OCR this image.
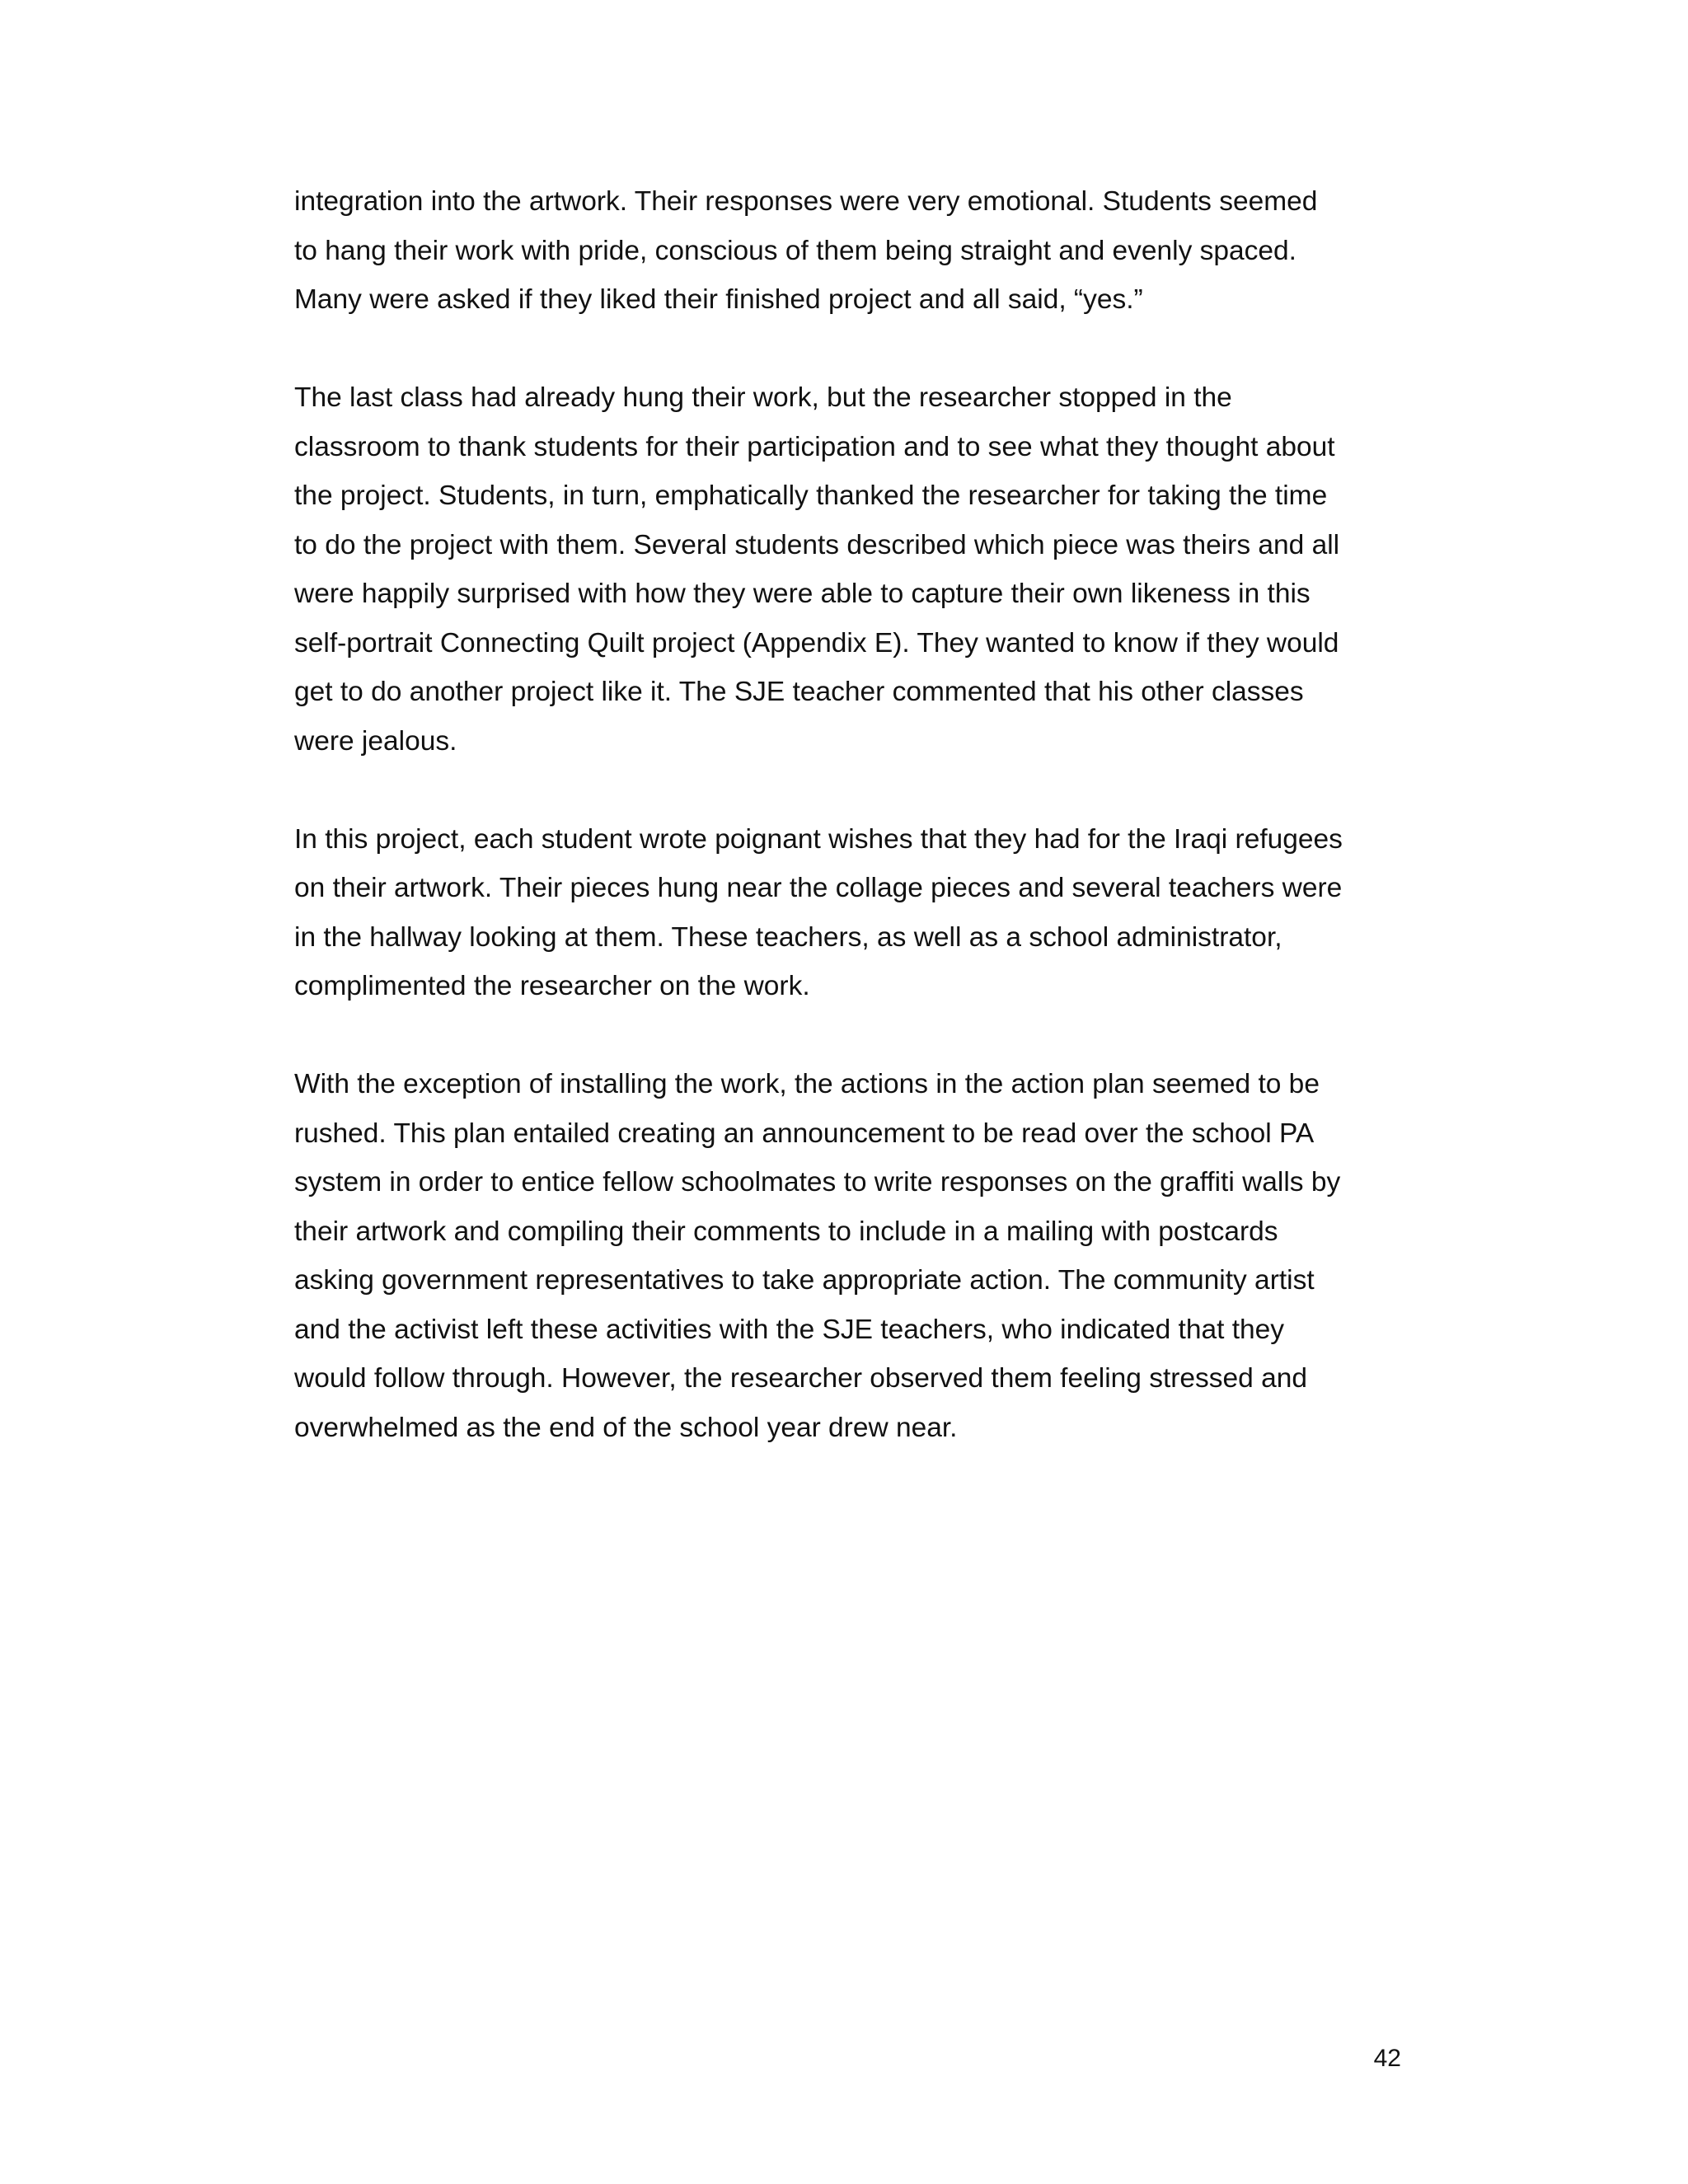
integration into the artwork. Their responses were very emotional. Students seemed
to hang their work with pride, conscious of them being straight and evenly spaced.
Many were asked if they liked their finished project and all said, “yes.”

The last class had already hung their work, but the researcher stopped in the
classroom to thank students for their participation and to see what they thought about
the project. Students, in turn, emphatically thanked the researcher for taking the time
to do the project with them. Several students described which piece was theirs and all
were happily surprised with how they were able to capture their own likeness in this
self-portrait Connecting Quilt project (Appendix E). They wanted to know if they would
get to do another project like it. The SJE teacher commented that his other classes
were jealous.

In this project, each student wrote poignant wishes that they had for the Iraqi refugees
on their artwork. Their pieces hung near the collage pieces and several teachers were
in the hallway looking at them. These teachers, as well as a school administrator,
complimented the researcher on the work.

With the exception of installing the work, the actions in the action plan seemed to be
rushed. This plan entailed creating an announcement to be read over the school PA
system in order to entice fellow schoolmates to write responses on the graffiti walls by
their artwork and compiling their comments to include in a mailing with postcards
asking government representatives to take appropriate action. The community artist
and the activist left these activities with the SJE teachers, who indicated that they
would follow through. However, the researcher observed them feeling stressed and
overwhelmed as the end of the school year drew near.

42
